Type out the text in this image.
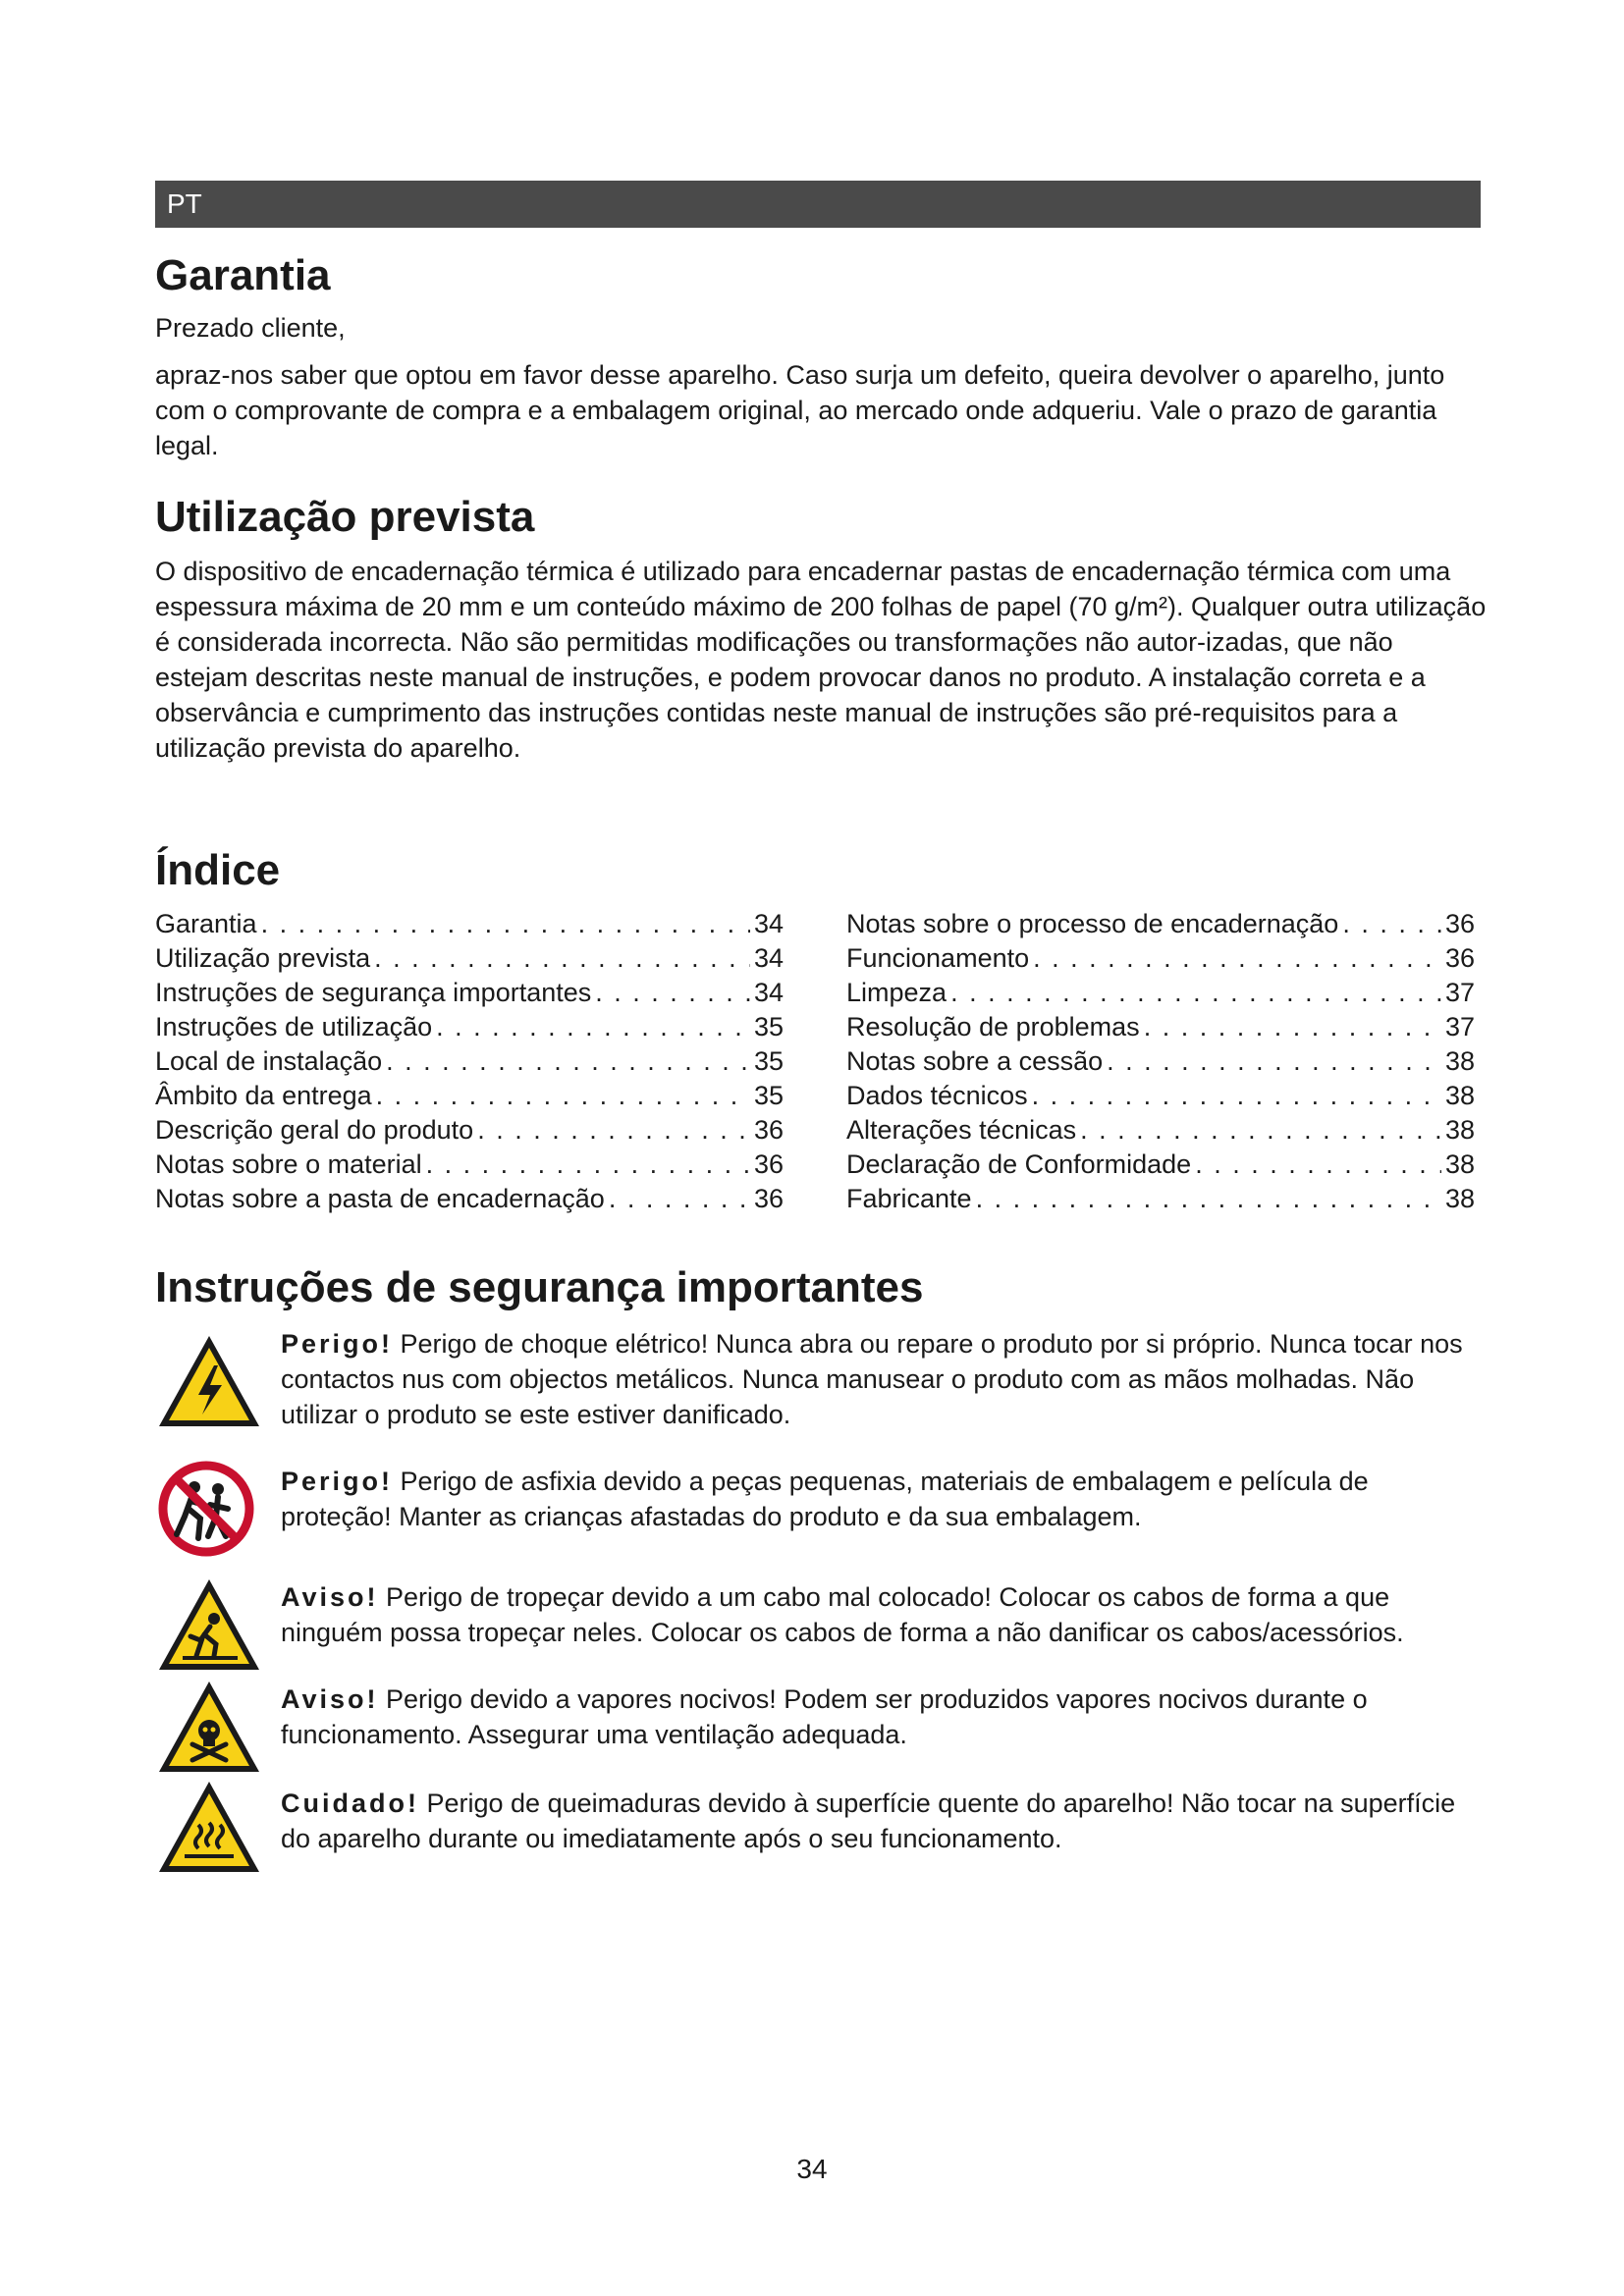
PT
Garantia

Prezado cliente,

apraz-nos saber que optou em favor desse aparelho. Caso surja um defeito, queira devolver o aparelho, junto com o comprovante de compra e a embalagem original, ao mercado onde adqueriu. Vale o prazo de garantia legal.

Utilização prevista

O dispositivo de encadernação térmica é utilizado para encadernar pastas de encadernação térmica com uma espessura máxima de 20 mm e um conteúdo máximo de 200 folhas de papel (70 g/m²). Qualquer outra utilização é considerada incorrecta. Não são permitidas modificações ou transformações não autor-izadas, que não estejam descritas neste manual de instruções, e podem provocar danos no produto. A instalação correta e a observância e cumprimento das instruções contidas neste manual de instruções são pré-requisitos para a utilização prevista do aparelho.

Índice
Garantia . . .	34
Utilização prevista . . .	34
Instruções de segurança importantes . . .	34
Instruções de utilização . . .	35
Local de instalação . . .	35
Âmbito da entrega . . .	35
Descrição geral do produto . . .	36
Notas sobre o material . . .	36
Notas sobre a pasta de encadernação . . .	36
Notas sobre o processo de encadernação . . .	36
Funcionamento . . .	36
Limpeza . . .	37
Resolução de problemas . . .	37
Notas sobre a cessão . . .	38
Dados técnicos . . .	38
Alterações técnicas . . .	38
Declaração de Conformidade . . .	38
Fabricante . . .	38
Instruções de segurança importantes
Perigo! Perigo de choque elétrico! Nunca abra ou repare o produto por si próprio. Nunca tocar nos contactos nus com objectos metálicos. Nunca manusear o produto com as mãos molhadas. Não utilizar o produto se este estiver danificado.
Perigo! Perigo de asfixia devido a peças pequenas, materiais de embalagem e película de proteção! Manter as crianças afastadas do produto e da sua embalagem.
Aviso! Perigo de tropeçar devido a um cabo mal colocado! Colocar os cabos de forma a que ninguém possa tropeçar neles. Colocar os cabos de forma a não danificar os cabos/acessórios.
Aviso! Perigo devido a vapores nocivos! Podem ser produzidos vapores nocivos durante o funcionamento. Assegurar uma ventilação adequada.
Cuidado! Perigo de queimaduras devido à superfície quente do aparelho! Não tocar na superfície do aparelho durante ou imediatamente após o seu funcionamento.
34
